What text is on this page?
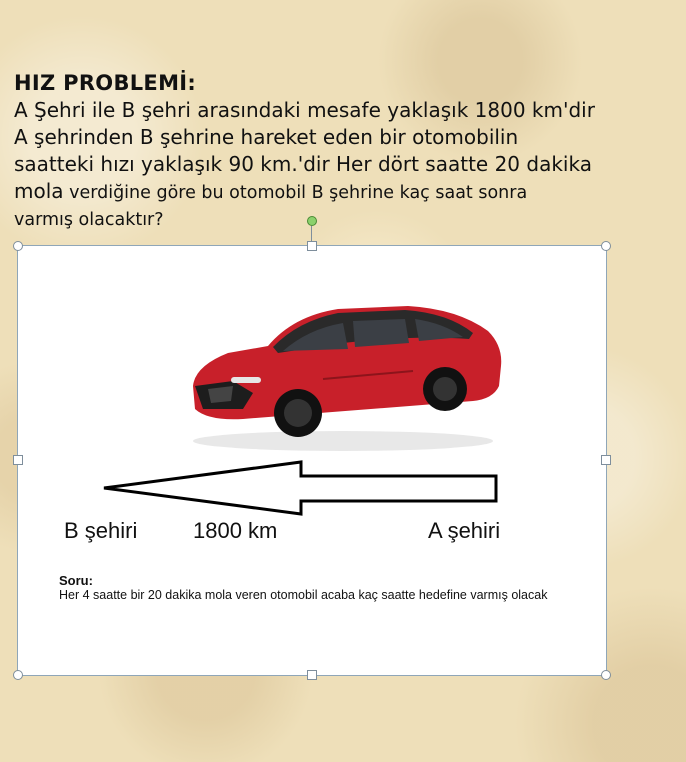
HIZ PROBLEMİ:
A Şehri ile B şehri arasındaki mesafe yaklaşık 1800 km'dir
A şehrinden B şehrine hareket eden bir otomobilin
saatteki hızı yaklaşık 90 km.'dir Her dört saatte 20 dakika
mola verdiğine göre bu otomobil B şehrine kaç saat sonra
varmış olacaktır?
B şehiri	1800 km	A şehiri
Soru:
Her 4 saatte bir 20 dakika mola veren otomobil acaba kaç saatte hedefine varmış olacak
